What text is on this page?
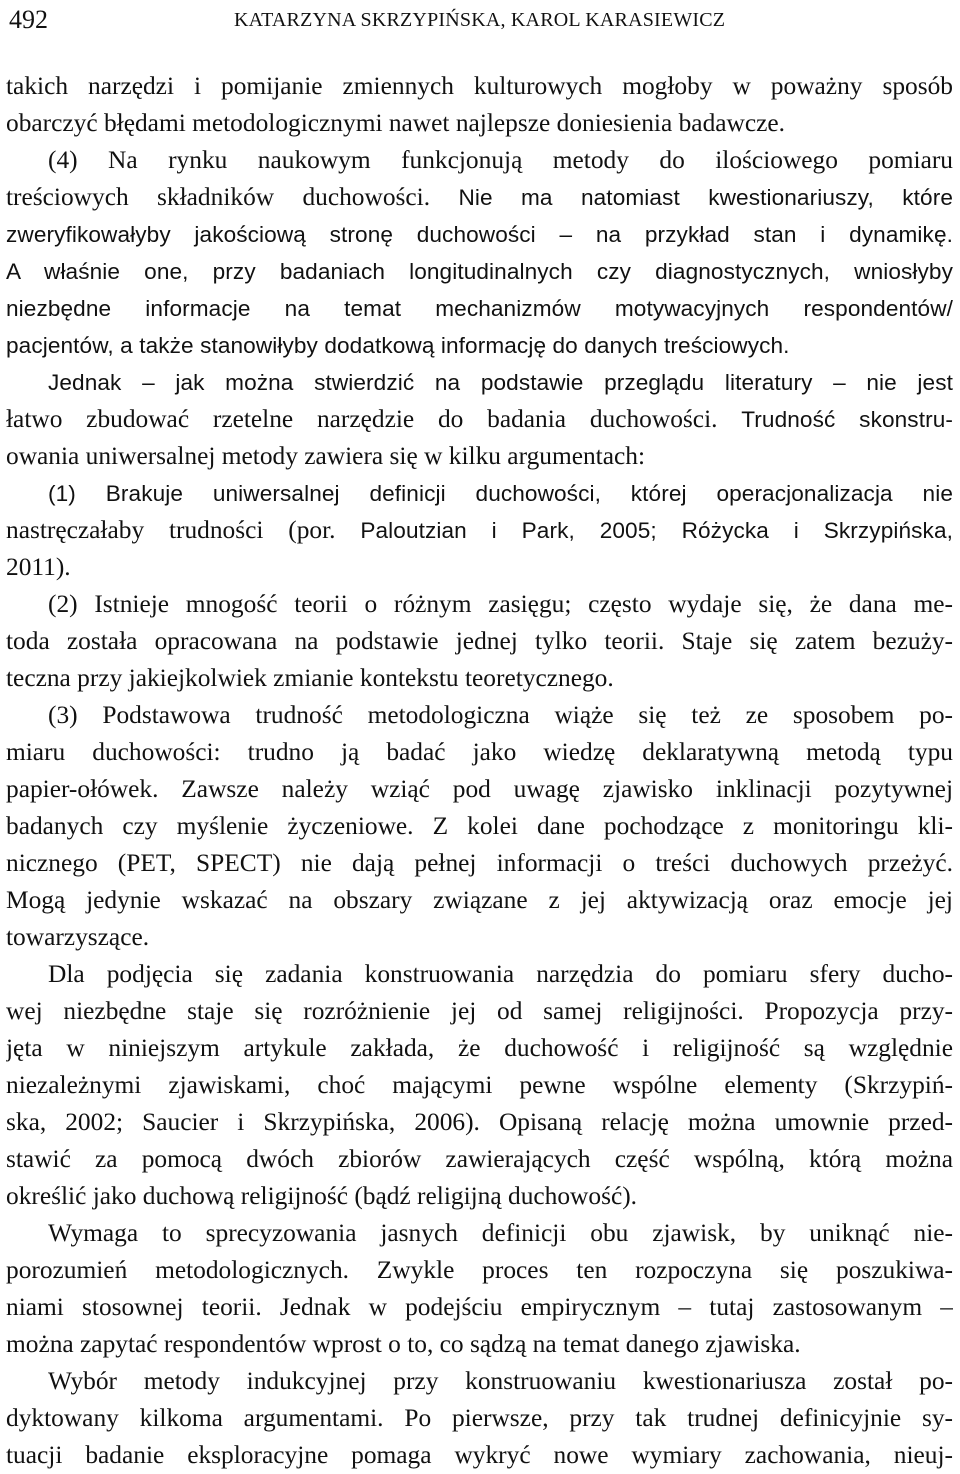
492	KATARZYNA SKRZYPIŃSKA, KAROL KARASIEWICZ
takich narzędzi i pomijanie zmiennych kulturowych mogłoby w poważny sposób
obarczyć błędami metodologicznymi nawet najlepsze doniesienia badawcze.
(4) Na rynku naukowym funkcjonują metody do ilościowego pomiaru
treściowych składników duchowości. Nie ma natomiast kwestionariuszy, które
zweryfikowałyby jakościową stronę duchowości – na przykład stan i dynamikę.
A właśnie one, przy badaniach longitudinalnych czy diagnostycznych, wniosłyby
niezbędne informacje na temat mechanizmów motywacyjnych respondentów/
pacjentów, a także stanowiłyby dodatkową informację do danych treściowych.
Jednak – jak można stwierdzić na podstawie przeglądu literatury – nie jest
łatwo zbudować rzetelne narzędzie do badania duchowości. Trudność skonstru-
owania uniwersalnej metody zawiera się w kilku argumentach:
(1) Brakuje uniwersalnej definicji duchowości, której operacjonalizacja nie
nastręczałaby trudności (por. Paloutzian i Park, 2005; Różycka i Skrzypińska,
2011).
(2) Istnieje mnogość teorii o różnym zasięgu; często wydaje się, że dana me-
toda została opracowana na podstawie jednej tylko teorii. Staje się zatem bezuży-
teczna przy jakiejkolwiek zmianie kontekstu teoretycznego.
(3) Podstawowa trudność metodologiczna wiąże się też ze sposobem po-
miaru duchowości: trudno ją badać jako wiedzę deklaratywną metodą typu
papier-ołówek. Zawsze należy wziąć pod uwagę zjawisko inklinacji pozytywnej
badanych czy myślenie życzeniowe. Z kolei dane pochodzące z monitoringu kli-
nicznego (PET, SPECT) nie dają pełnej informacji o treści duchowych przeżyć.
Mogą jedynie wskazać na obszary związane z jej aktywizacją oraz emocje jej
towarzyszące.
Dla podjęcia się zadania konstruowania narzędzia do pomiaru sfery ducho-
wej niezbędne staje się rozróżnienie jej od samej religijności. Propozycja przy-
jęta w niniejszym artykule zakłada, że duchowość i religijność są względnie
niezależnymi zjawiskami, choć mającymi pewne wspólne elementy (Skrzypiń-
ska, 2002; Saucier i Skrzypińska, 2006). Opisaną relację można umownie przed-
stawić za pomocą dwóch zbiorów zawierających część wspólną, którą można
określić jako duchową religijność (bądź religijną duchowość).
Wymaga to sprecyzowania jasnych definicji obu zjawisk, by uniknąć nie-
porozumień metodologicznych. Zwykle proces ten rozpoczyna się poszukiwa-
niami stosownej teorii. Jednak w podejściu empirycznym – tutaj zastosowanym –
można zapytać respondentów wprost o to, co sądzą na temat danego zjawiska.
Wybór metody indukcyjnej przy konstruowaniu kwestionariusza został po-
dyktowany kilkoma argumentami. Po pierwsze, przy tak trudnej definicyjnie sy-
tuacji badanie eksploracyjne pomaga wykryć nowe wymiary zachowania, nieuj-
